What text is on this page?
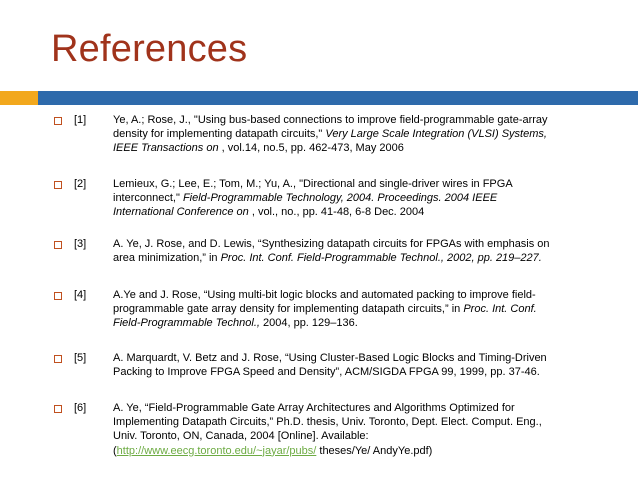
References
[1] Ye, A.; Rose, J., "Using bus-based connections to improve field-programmable gate-array
density for implementing datapath circuits," Very Large Scale Integration (VLSI) Systems,
IEEE Transactions on , vol.14, no.5, pp. 462-473, May 2006
[2] Lemieux, G.; Lee, E.; Tom, M.; Yu, A., "Directional and single-driver wires in FPGA
interconnect," Field-Programmable Technology, 2004. Proceedings. 2004 IEEE
International Conference on , vol., no., pp. 41-48, 6-8 Dec. 2004
[3] A. Ye, J. Rose, and D. Lewis, “Synthesizing datapath circuits for FPGAs with emphasis on
area minimization,” in Proc. Int. Conf. Field-Programmable Technol., 2002, pp. 219–227.
[4] A.Ye and J. Rose, “Using multi-bit logic blocks and automated packing to improve field-
programmable gate array density for implementing datapath circuits,” in Proc. Int. Conf.
Field-Programmable Technol., 2004, pp. 129–136.
[5] A. Marquardt, V. Betz and J. Rose, “Using Cluster-Based Logic Blocks and Timing-Driven
Packing to Improve FPGA Speed and Density”, ACM/SIGDA FPGA 99, 1999, pp. 37-46.
[6] A. Ye, “Field-Programmable Gate Array Architectures and Algorithms Optimized for
Implementing Datapath Circuits,” Ph.D. thesis, Univ. Toronto, Dept. Elect. Comput. Eng.,
Univ. Toronto, ON, Canada, 2004 [Online]. Available:
(http://www.eecg.toronto.edu/~jayar/pubs/ theses/Ye/ AndyYe.pdf)
